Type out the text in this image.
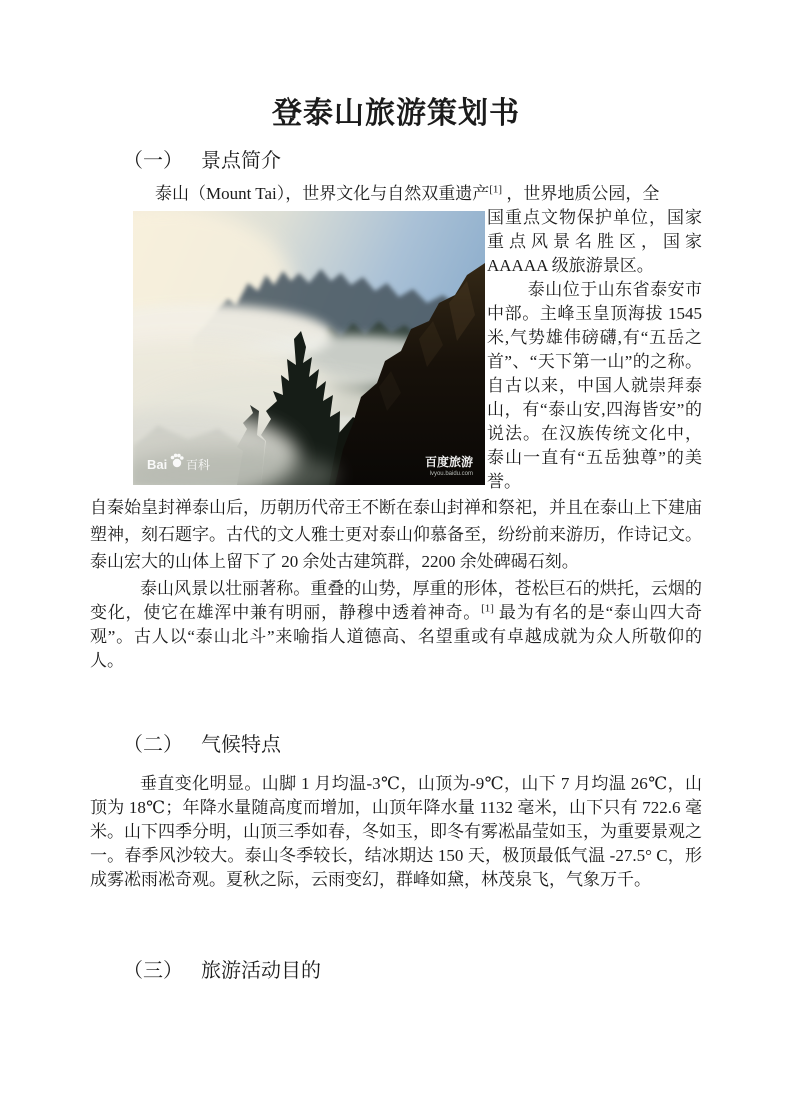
登泰山旅游策划书
（一） 景点简介

泰山（Mount Tai），世界文化与自然双重遗产[1] ，世界地质公园，全

Bai 百科	百度旅游
lvyou.baidu.com

国重点文物保护单位，国家重点风景名胜区，国家 AAAAA 级旅游景区。

泰山位于山东省泰安市中部。主峰玉皇顶海拔 1545 米,气势雄伟磅礴,有“五岳之首”、“天下第一山”的之称。自古以来，中国人就崇拜泰山，有“泰山安,四海皆安”的说法。在汉族传统文化中，泰山一直有“五岳独尊”的美誉。

自秦始皇封禅泰山后，历朝历代帝王不断在泰山封禅和祭祀，并且在泰山上下建庙塑神，刻石题字。古代的文人雅士更对泰山仰慕备至，纷纷前来游历，作诗记文。泰山宏大的山体上留下了 20 余处古建筑群，2200 余处碑碣石刻。

泰山风景以壮丽著称。重叠的山势，厚重的形体，苍松巨石的烘托，云烟的变化，使它在雄浑中兼有明丽，静穆中透着神奇。[1] 最为有名的是“泰山四大奇观”。古人以“泰山北斗”来喻指人道德高、名望重或有卓越成就为众人所敬仰的人。

（二） 气候特点

垂直变化明显。山脚 1 月均温-3℃，山顶为-9℃，山下 7 月均温 26℃，山顶为 18℃；年降水量随高度而增加，山顶年降水量 1132 毫米，山下只有 722.6 毫米。山下四季分明，山顶三季如春，冬如玉，即冬有雾凇晶莹如玉，为重要景观之一。春季风沙较大。泰山冬季较长，结冰期达 150 天，极顶最低气温 -27.5° C，形成雾凇雨凇奇观。夏秋之际，云雨变幻，群峰如黛，林茂泉飞，气象万千。

（三） 旅游活动目的
